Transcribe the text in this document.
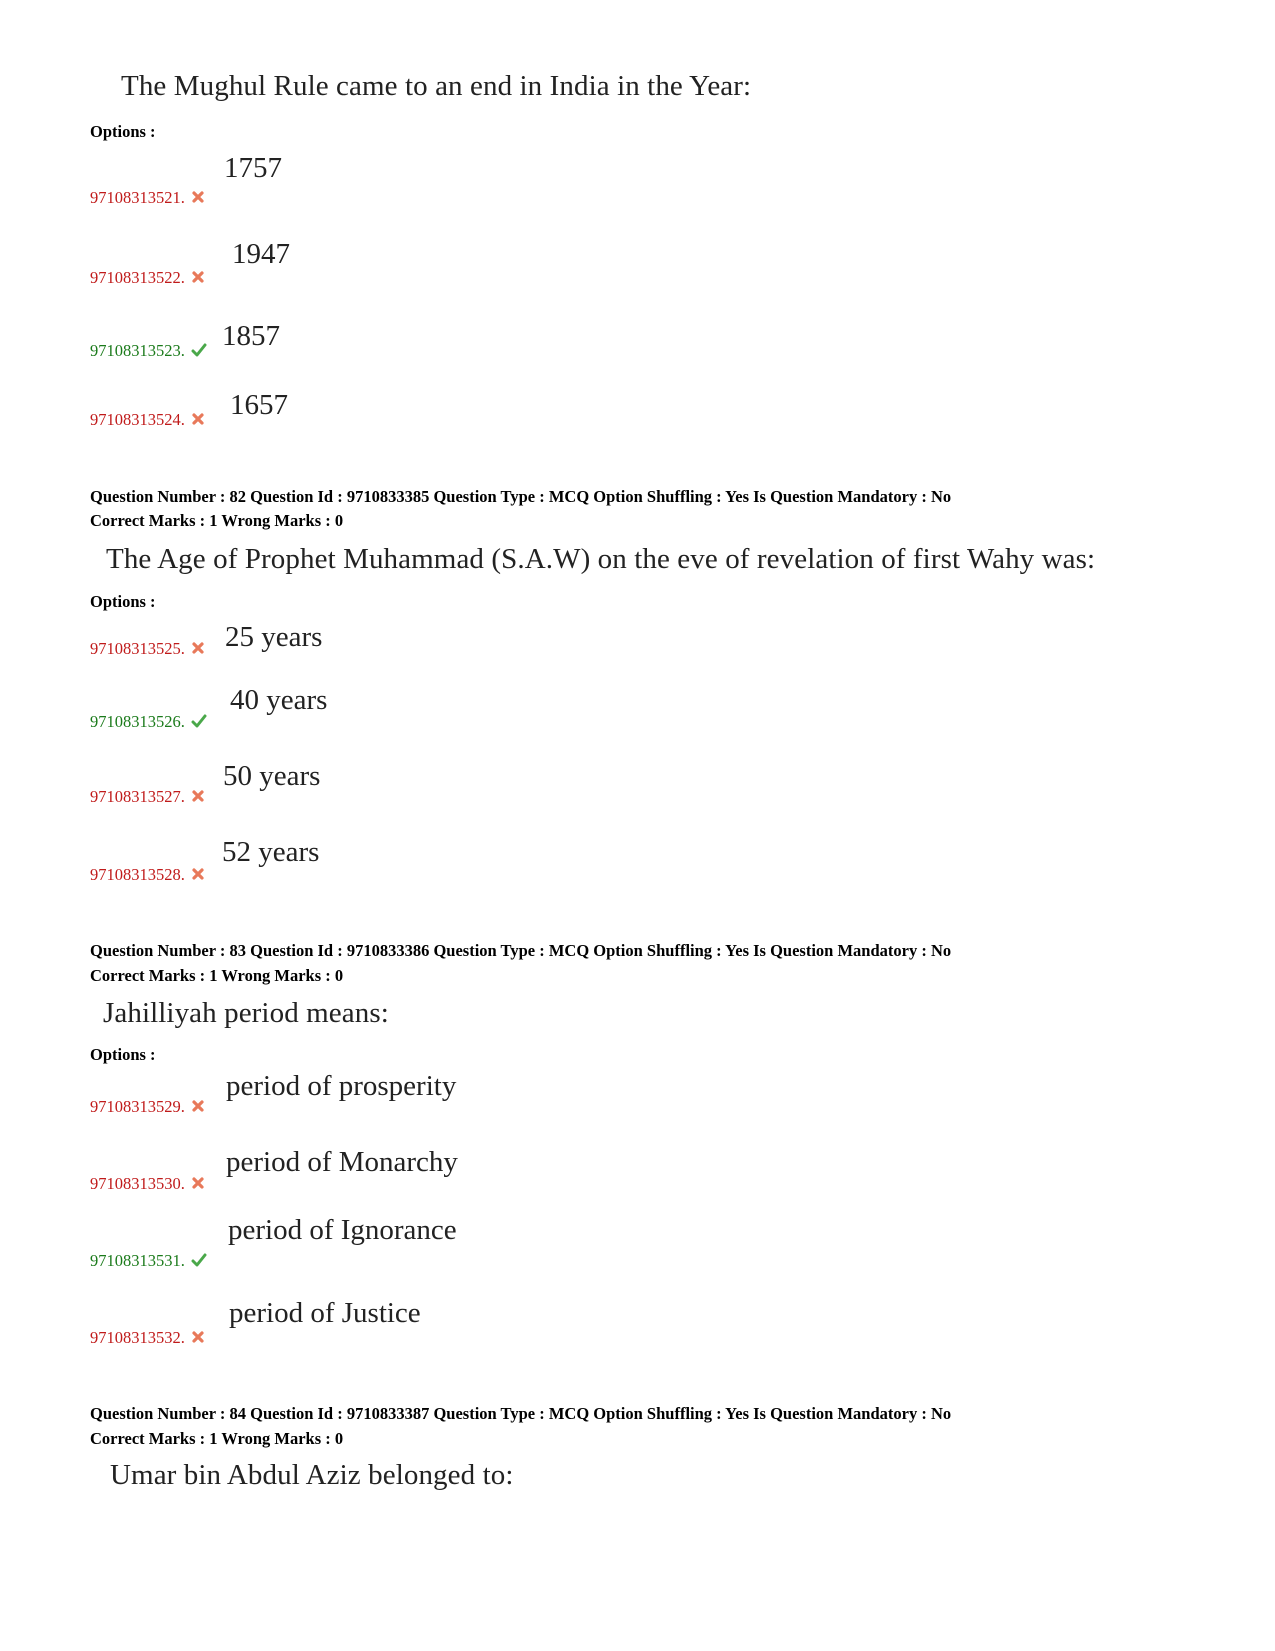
The Mughul Rule came to an end in India in the Year:
Options :
97108313521.
1757
97108313522.
1947
97108313523.	1857
97108313524.	1657
Question Number : 82 Question Id : 9710833385 Question Type : MCQ Option Shuffling : Yes Is Question Mandatory : No
Correct Marks : 1 Wrong Marks : 0
The Age of Prophet Muhammad (S.A.W) on the eve of revelation of first Wahy was:
Options :
97108313525.	25 years
97108313526.
40 years
97108313527.
50 years
97108313528.
52 years
Question Number : 83 Question Id : 9710833386 Question Type : MCQ Option Shuffling : Yes Is Question Mandatory : No
Correct Marks : 1 Wrong Marks : 0
Jahilliyah period means:
Options :
97108313529.
period of prosperity
97108313530.
period of Monarchy
97108313531.
period of Ignorance
97108313532.
period of Justice
Question Number : 84 Question Id : 9710833387 Question Type : MCQ Option Shuffling : Yes Is Question Mandatory : No
Correct Marks : 1 Wrong Marks : 0
Umar bin Abdul Aziz belonged to:
